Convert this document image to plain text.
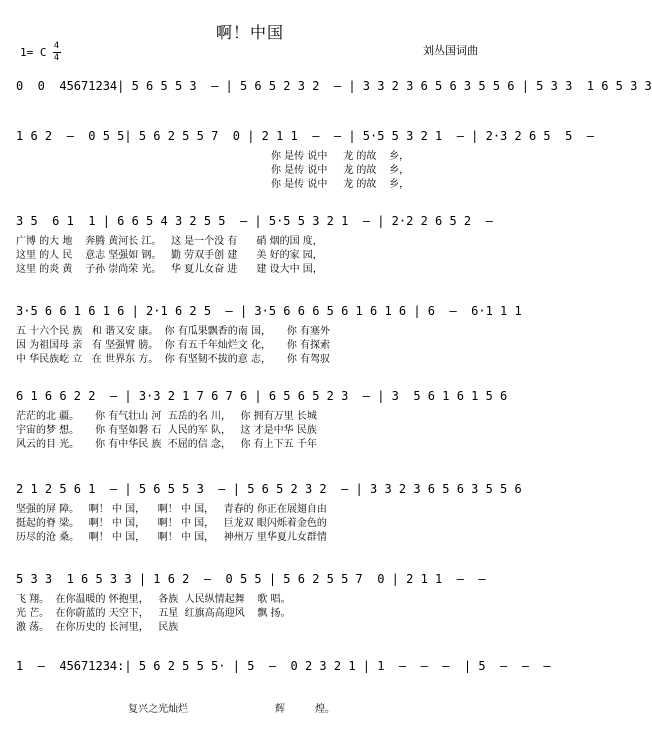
啊！中国
1= C $\frac{4}{4}$	刘丛国词曲
0  0  45671234| 5 6 5 5 3  – | 5 6 5 2 3 2  – | 3 3 2 3 6 5 6 3 5 5 6 | 5 3 3  1 6 5 3 3
1 6 2  –  0 5 5| 5 6 2 5 5 7  0 | 2 1 1  –  – | 5·5 5 3 2 1  – | 2·3 2 6 5  5  –
你 是传 说中     龙 的故    乡，
你 是传 说中     龙 的故    乡，
你 是传 说中     龙 的故    乡，
3 5  6 1  1 | 6 6 5 4 3 2 5 5  – | 5·5 5 3 2 1  – | 2·2 2 6 5 2  –
广博 的大 地    奔腾 黄河长 江。   这 是一个没 有      硝 烟的国 度，
这里 的人 民    意志 坚强如 钢。   勤 劳双手创 建      美 好的家 园，
这里 的炎 黄    子孙 崇尚荣 光。   华 夏儿女奋 进      建 设大中 国，
3·5 6 6 1 6 1 6 | 2·1 6 2 5  – | 3·5 6 6 6 5 6 1 6 1 6 | 6  –  6·1 1 1
五 十六个民 族   和 谐又安 康。  你 有瓜果飘香的南 国，     你 有塞外
因 为祖国母 亲   有 坚强臂 膀。  你 有五千年灿烂文 化，     你 有探索
中 华民族屹 立   在 世界东 方。  你 有坚韧不拔的意 志，     你 有驾驭
6 1 6 6 2 2  – | 3·3 2 1 7 6 7 6 | 6 5 6 5 2 3  – | 3  5 6 1 6 1 5 6
茫茫的北 疆。     你 有气壮山 河  五岳的名 川，   你 拥有万里 长城
宇宙的梦 想。     你 有坚如磐 石  人民的军 队，   这 才是中华 民族
风云的目 光。     你 有中华民 族  不屈的信 念，   你 有上下五 千年
2 1 2 5 6 1  – | 5 6 5 5 3  – | 5 6 5 2 3 2  – | 3 3 2 3 6 5 6 3 5 5 6
坚强的屏 障。   啊！ 中 国，    啊！ 中 国，   青春的 你正在展翅自由
挺起的脊 梁。   啊！ 中 国，    啊！ 中 国，   巨龙双 眼闪烁着金色的
历尽的沧 桑。   啊！ 中 国，    啊！ 中 国，   神州万 里华夏儿女群情
5 3 3  1 6 5 3 3 | 1 6 2  –  0 5 5 | 5 6 2 5 5 7  0 | 2 1 1  –  –
飞 翔。  在你温暖的 怀抱里，   各族  人民纵情起舞    歌 唱。
光 芒。  在你蔚蓝的 天空下，   五星  红旗高高迎风    飘 扬。
激 荡。  在你历史的 长河里，   民族
1  –  45671234:| 5 6 2 5 5 5· | 5  –  0 2 3 2 1 | 1  –  –  –  | 5  –  –  –
复兴之光灿烂	辉	煌。
